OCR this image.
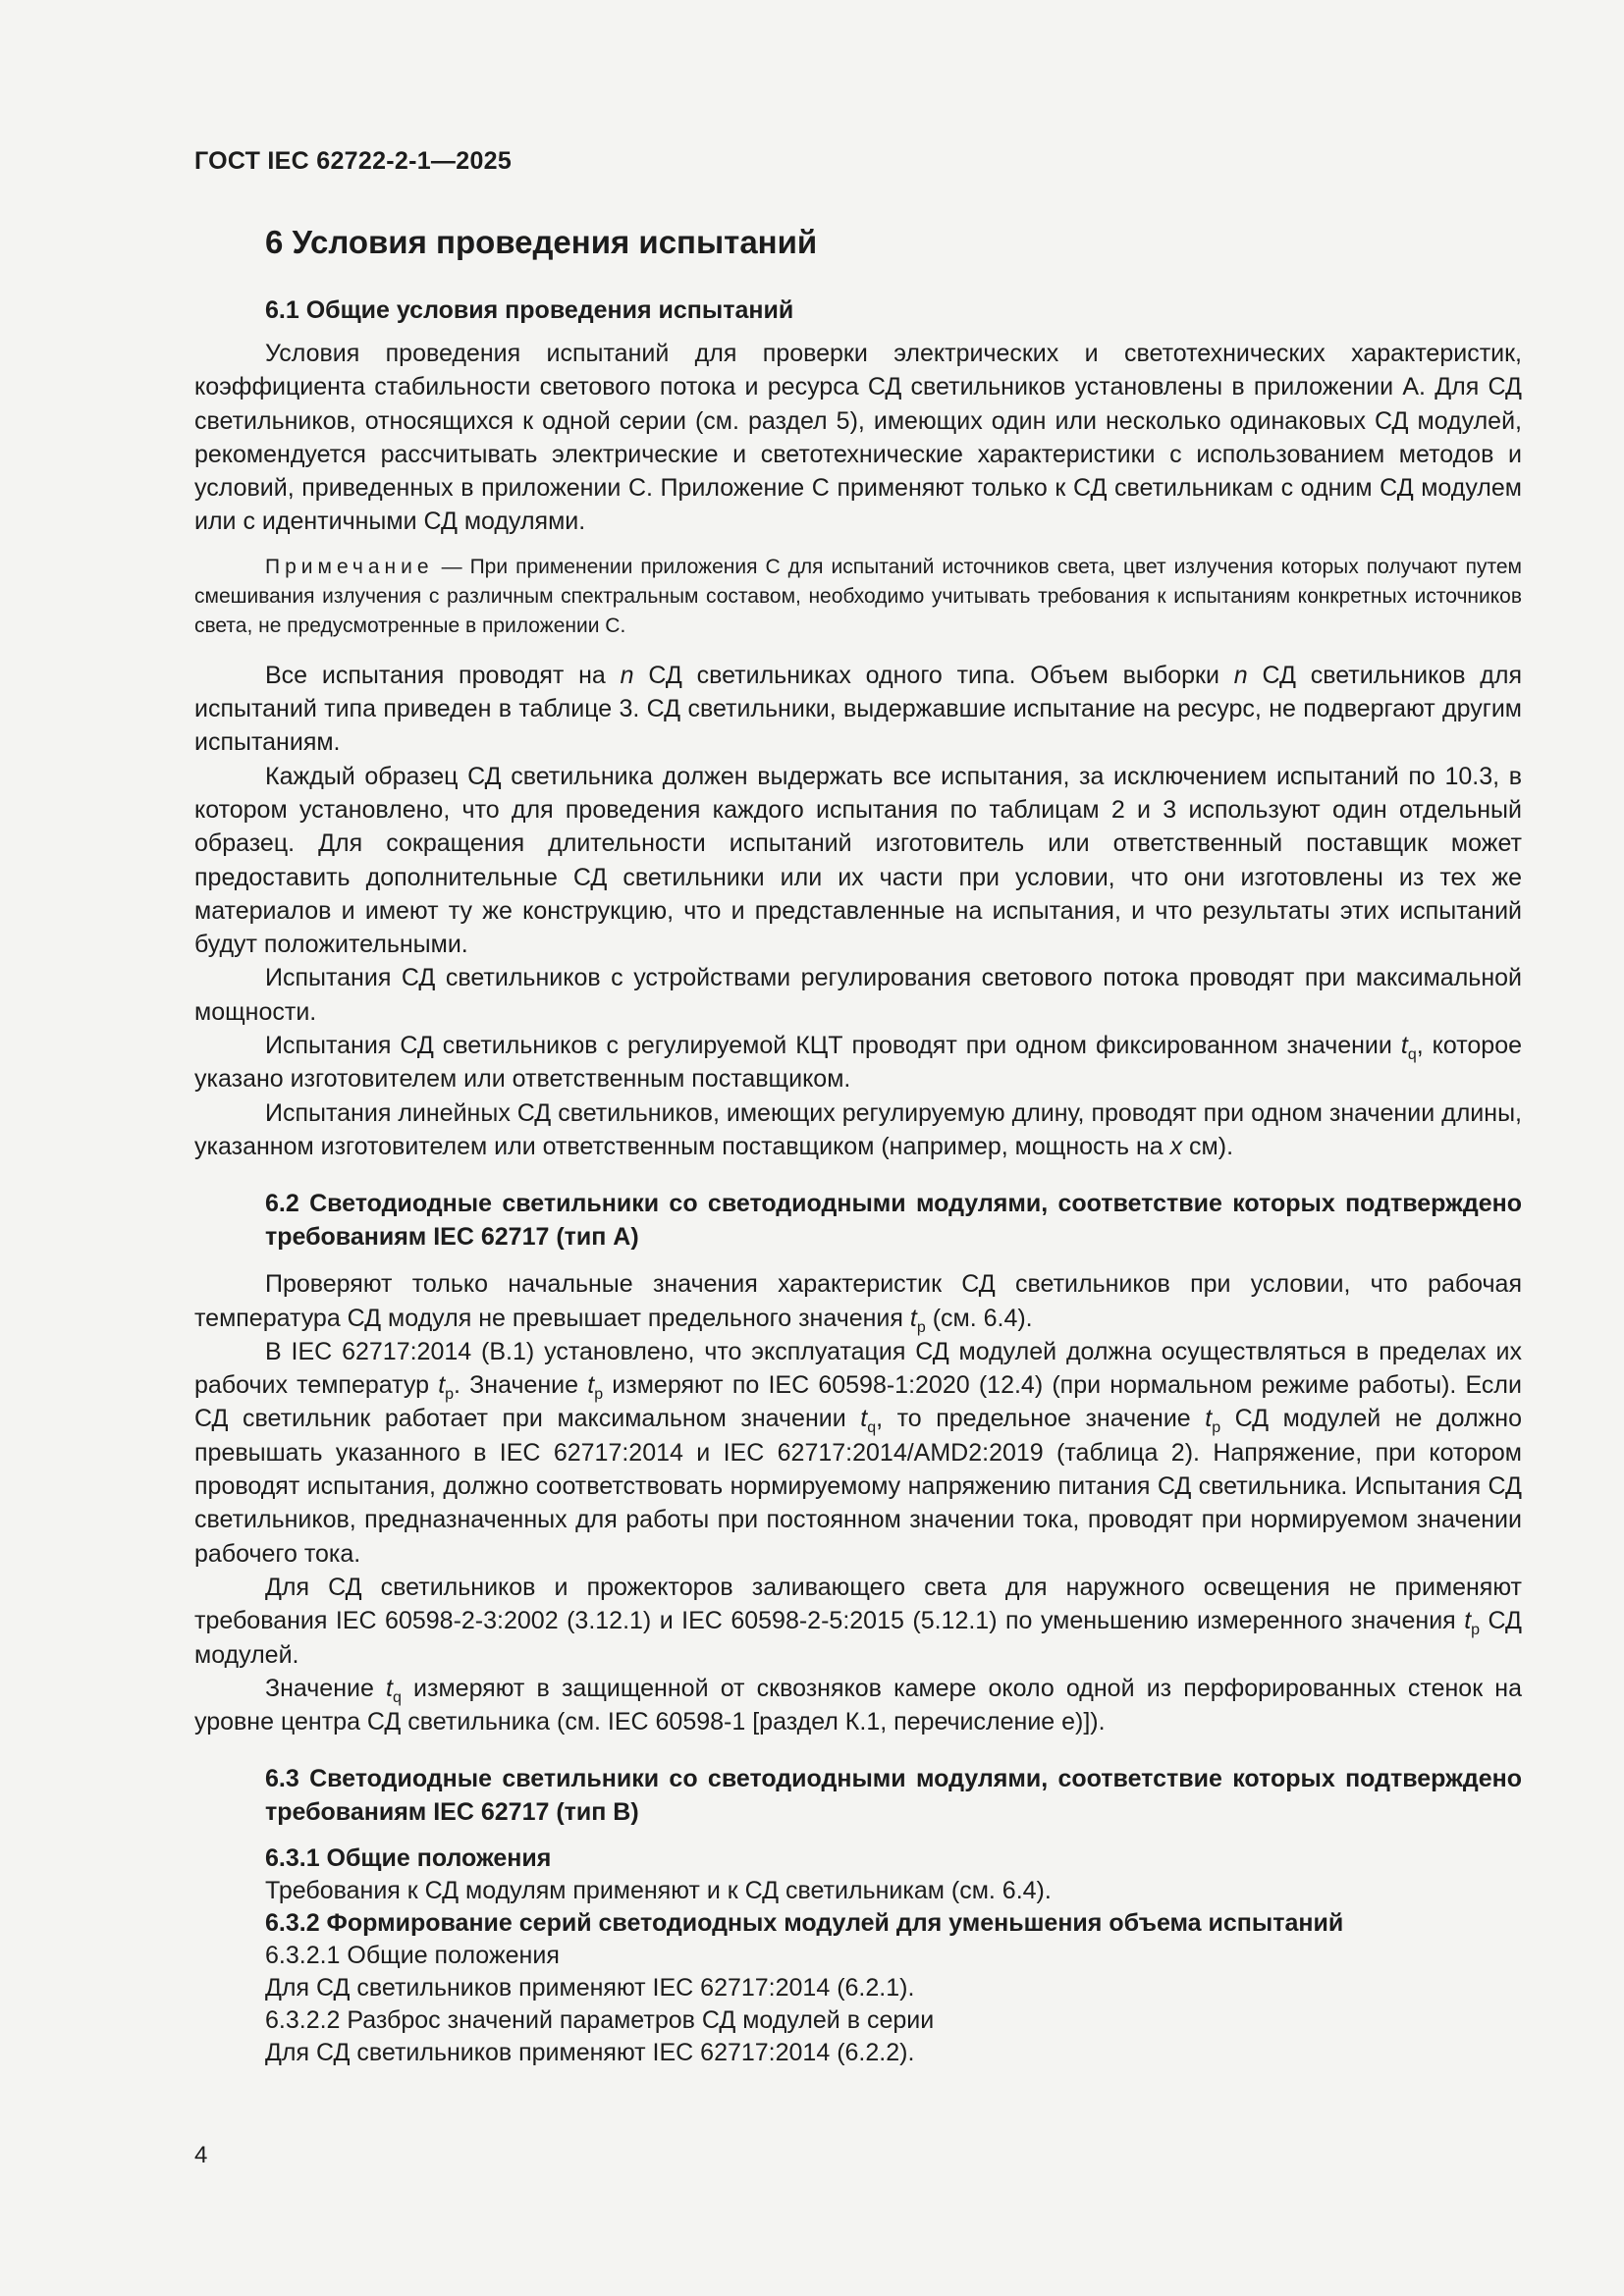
ГОСТ IEC 62722-2-1—2025
6 Условия проведения испытаний
6.1 Общие условия проведения испытаний

Условия проведения испытаний для проверки электрических и светотехнических характеристик, коэффициента стабильности светового потока и ресурса СД светильников установлены в приложении А. Для СД светильников, относящихся к одной серии (см. раздел 5), имеющих один или несколько одинаковых СД модулей, рекомендуется рассчитывать электрические и светотехнические характеристики с использованием методов и условий, приведенных в приложении С. Приложение С применяют только к СД светильникам с одним СД модулем или с идентичными СД модулями.

Примечание — При применении приложения С для испытаний источников света, цвет излучения которых получают путем смешивания излучения с различным спектральным составом, необходимо учитывать требования к испытаниям конкретных источников света, не предусмотренные в приложении С.

Все испытания проводят на n СД светильниках одного типа. Объем выборки n СД светильников для испытаний типа приведен в таблице 3. СД светильники, выдержавшие испытание на ресурс, не подвергают другим испытаниям.

Каждый образец СД светильника должен выдержать все испытания, за исключением испытаний по 10.3, в котором установлено, что для проведения каждого испытания по таблицам 2 и 3 используют один отдельный образец. Для сокращения длительности испытаний изготовитель или ответственный поставщик может предоставить дополнительные СД светильники или их части при условии, что они изготовлены из тех же материалов и имеют ту же конструкцию, что и представленные на испытания, и что результаты этих испытаний будут положительными.

Испытания СД светильников с устройствами регулирования светового потока проводят при максимальной мощности.

Испытания СД светильников с регулируемой КЦТ проводят при одном фиксированном значении $t_q$, которое указано изготовителем или ответственным поставщиком.

Испытания линейных СД светильников, имеющих регулируемую длину, проводят при одном значении длины, указанном изготовителем или ответственным поставщиком (например, мощность на x см).

6.2 Светодиодные светильники со светодиодными модулями, соответствие которых подтверждено требованиям IEC 62717 (тип А)

Проверяют только начальные значения характеристик СД светильников при условии, что рабочая температура СД модуля не превышает предельного значения $t_p$ (см. 6.4).

В IEC 62717:2014 (В.1) установлено, что эксплуатация СД модулей должна осуществляться в пределах их рабочих температур $t_p$. Значение $t_p$ измеряют по IEC 60598-1:2020 (12.4) (при нормальном режиме работы). Если СД светильник работает при максимальном значении $t_q$, то предельное значение $t_p$ СД модулей не должно превышать указанного в IEC 62717:2014 и IEC 62717:2014/AMD2:2019 (таблица 2). Напряжение, при котором проводят испытания, должно соответствовать нормируемому напряжению питания СД светильника. Испытания СД светильников, предназначенных для работы при постоянном значении тока, проводят при нормируемом значении рабочего тока.

Для СД светильников и прожекторов заливающего света для наружного освещения не применяют требования IEC 60598-2-3:2002 (3.12.1) и IEC 60598-2-5:2015 (5.12.1) по уменьшению измеренного значения $t_p$ СД модулей.

Значение $t_q$ измеряют в защищенной от сквозняков камере около одной из перфорированных стенок на уровне центра СД светильника (см. IEC 60598-1 [раздел К.1, перечисление е)]).

6.3 Светодиодные светильники со светодиодными модулями, соответствие которых подтверждено требованиям IEC 62717 (тип В)
6.3.1 Общие положения
Требования к СД модулям применяют и к СД светильникам (см. 6.4).
6.3.2 Формирование серий светодиодных модулей для уменьшения объема испытаний
6.3.2.1 Общие положения
Для СД светильников применяют IEC 62717:2014 (6.2.1).
6.3.2.2 Разброс значений параметров СД модулей в серии
Для СД светильников применяют IEC 62717:2014 (6.2.2).
4
